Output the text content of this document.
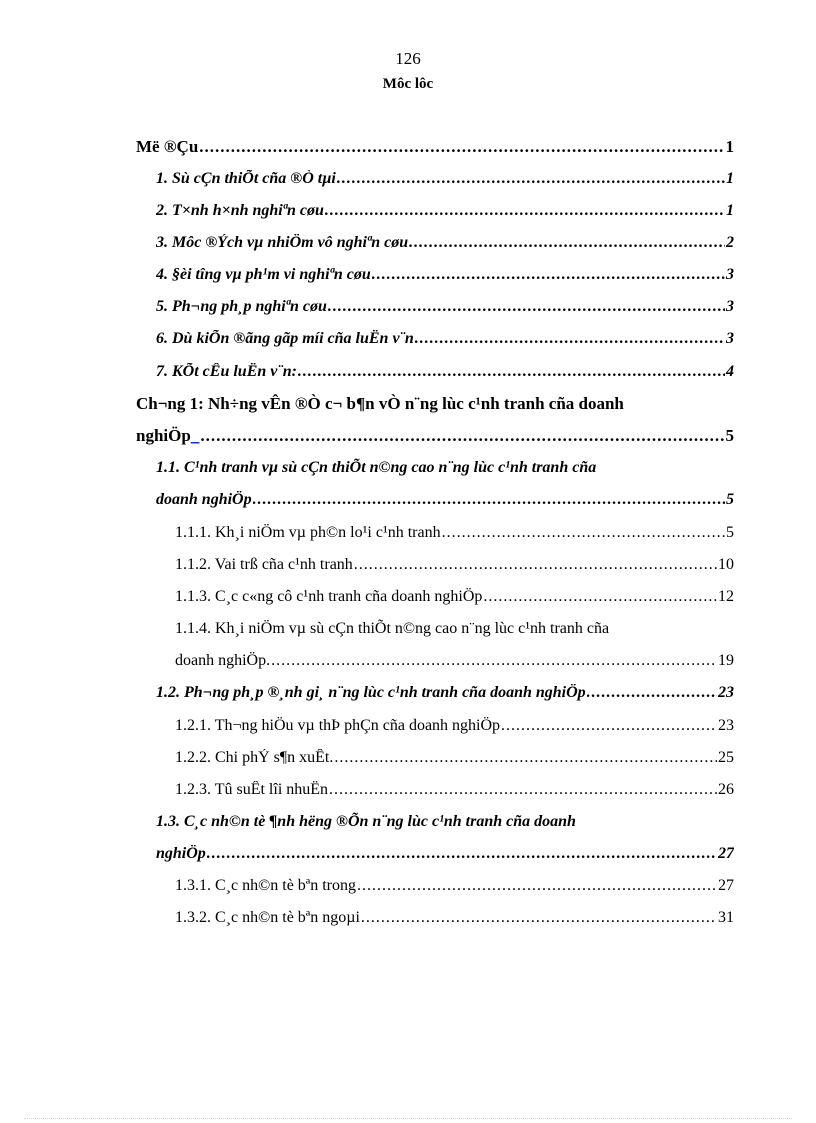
126
Môc lôc
Më ®Çu .....	1
1. Sù cÇn thiÕt cña ®Ò tµi .....	1
2. T×nh h×nh nghiªn cøu .....	1
3. Môc ®Ých vµ nhiÖm vô nghiªn cøu .....	2
4. §èi tîng vµ ph¹m vi nghiªn cøu .....	3
5. Ph¬ng ph¸p nghiªn cøu .....	3
6. Dù kiÕn ®ãng gãp míi cña luËn v¨n .....	3
7. KÕt cÊu luËn v¨n: .....	4
Ch¬ng 1: Nh÷ng vÊn ®Ò c¬ b¶n vÒ n¨ng lùc c¹nh tranh cña doanh
nghiÖp_ .....	5
1.1. C¹nh tranh vµ sù cÇn thiÕt n©ng cao n¨ng lùc c¹nh tranh cña
doanh nghiÖp .....	5
1.1.1. Kh¸i niÖm vµ ph©n lo¹i c¹nh tranh .....	5
1.1.2. Vai trß cña c¹nh tranh .....	10
1.1.3. C¸c c«ng cô c¹nh tranh cña doanh nghiÖp .....	12
1.1.4. Kh¸i niÖm vµ sù cÇn thiÕt n©ng cao n¨ng lùc c¹nh tranh cña
doanh nghiÖp. .....	19
1.2. Ph¬ng ph¸p ®¸nh gi¸ n¨ng lùc c¹nh tranh cña doanh nghiÖp .....	23
1.2.1. Th¬ng hiÖu vµ thÞ phÇn cña doanh nghiÖp .....	23
1.2.2. Chi phÝ s¶n xuÊt. .....	25
1.2.3. Tû suÊt lîi nhuËn .....	26
1.3. C¸c nh©n tè ¶nh hëng ®Õn n¨ng lùc c¹nh tranh cña doanh
nghiÖp .....	27
1.3.1. C¸c nh©n tè bªn trong .....	27
1.3.2. C¸c nh©n tè bªn ngoµi .....	31
